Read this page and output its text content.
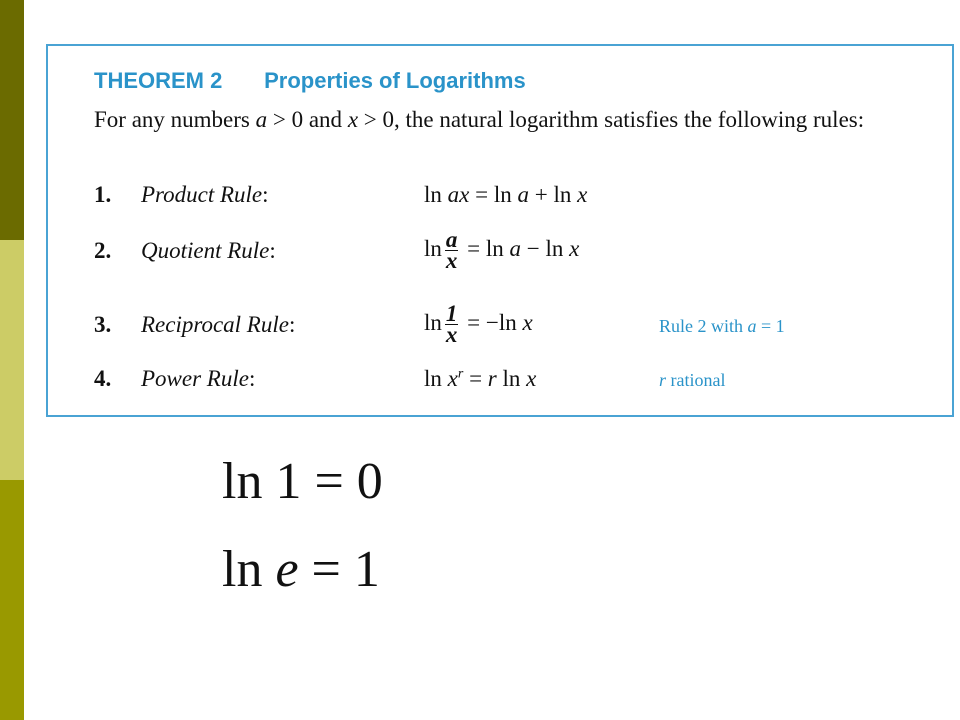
THEOREM 2 Properties of Logarithms
For any numbers a > 0 and x > 0, the natural logarithm satisfies the following rules:
1. Product Rule:	ln ax = ln a + ln x
2. Quotient Rule:	$\ln \frac{a}{x} = \ln a - \ln x$
3. Reciprocal Rule:	$\ln \frac{1}{x} = -\ln$ x	Rule 2 with a = 1
4. Power Rule:	$\ln x^r = r$ ln x	r rational
ln 1 = 0
ln e = 1
